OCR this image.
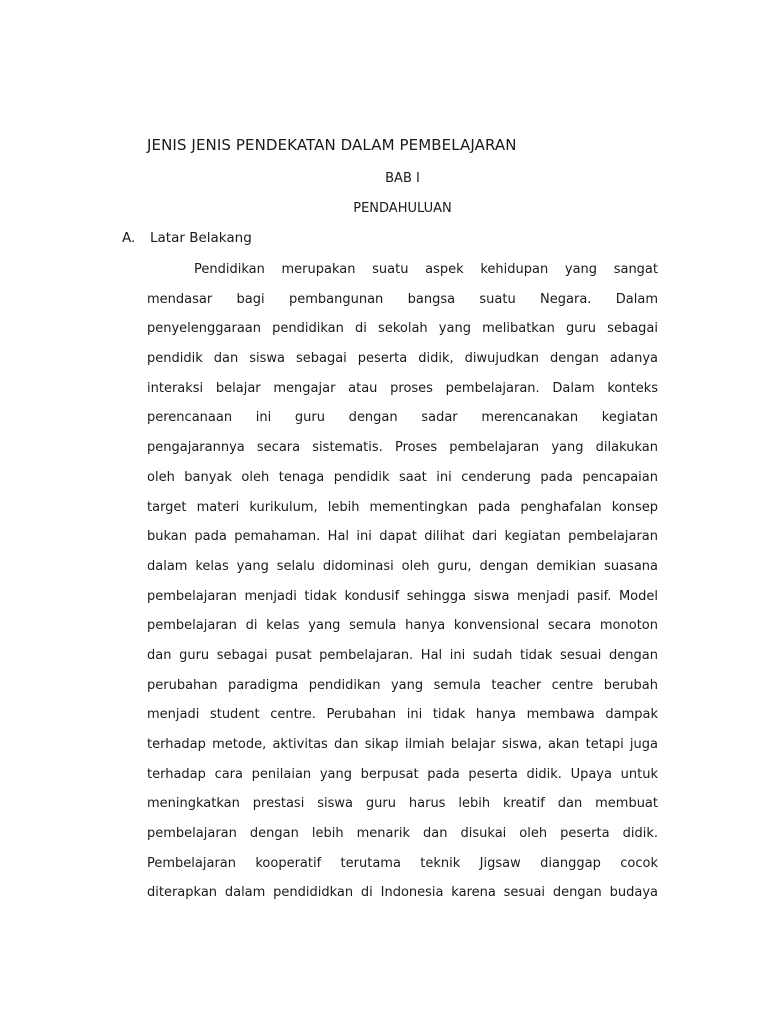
JENIS JENIS PENDEKATAN DALAM PEMBELAJARAN
BAB I
PENDAHULUAN
A. Latar Belakang
Pendidikan merupakan suatu aspek kehidupan yang sangat
mendasar bagi pembangunan bangsa suatu Negara. Dalam
penyelenggaraan pendidikan di sekolah yang melibatkan guru sebagai
pendidik dan siswa sebagai peserta didik, diwujudkan dengan adanya
interaksi belajar mengajar atau proses pembelajaran. Dalam konteks
perencanaan ini guru dengan sadar merencanakan kegiatan
pengajarannya secara sistematis. Proses pembelajaran yang dilakukan
oleh banyak oleh tenaga pendidik saat ini cenderung pada pencapaian
target materi kurikulum, lebih mementingkan pada penghafalan konsep
bukan pada pemahaman. Hal ini dapat dilihat dari kegiatan pembelajaran
dalam kelas yang selalu didominasi oleh guru, dengan demikian suasana
pembelajaran menjadi tidak kondusif sehingga siswa menjadi pasif. Model
pembelajaran di kelas yang semula hanya konvensional secara monoton
dan guru sebagai pusat pembelajaran. Hal ini sudah tidak sesuai dengan
perubahan paradigma pendidikan yang semula teacher centre berubah
menjadi student centre. Perubahan ini tidak hanya membawa dampak
terhadap metode, aktivitas dan sikap ilmiah belajar siswa, akan tetapi juga
terhadap cara penilaian yang berpusat pada peserta didik. Upaya untuk
meningkatkan prestasi siswa guru harus lebih kreatif dan membuat
pembelajaran dengan lebih menarik dan disukai oleh peserta didik.
Pembelajaran kooperatif terutama teknik Jigsaw dianggap cocok
diterapkan dalam pendididkan di Indonesia karena sesuai dengan budaya
